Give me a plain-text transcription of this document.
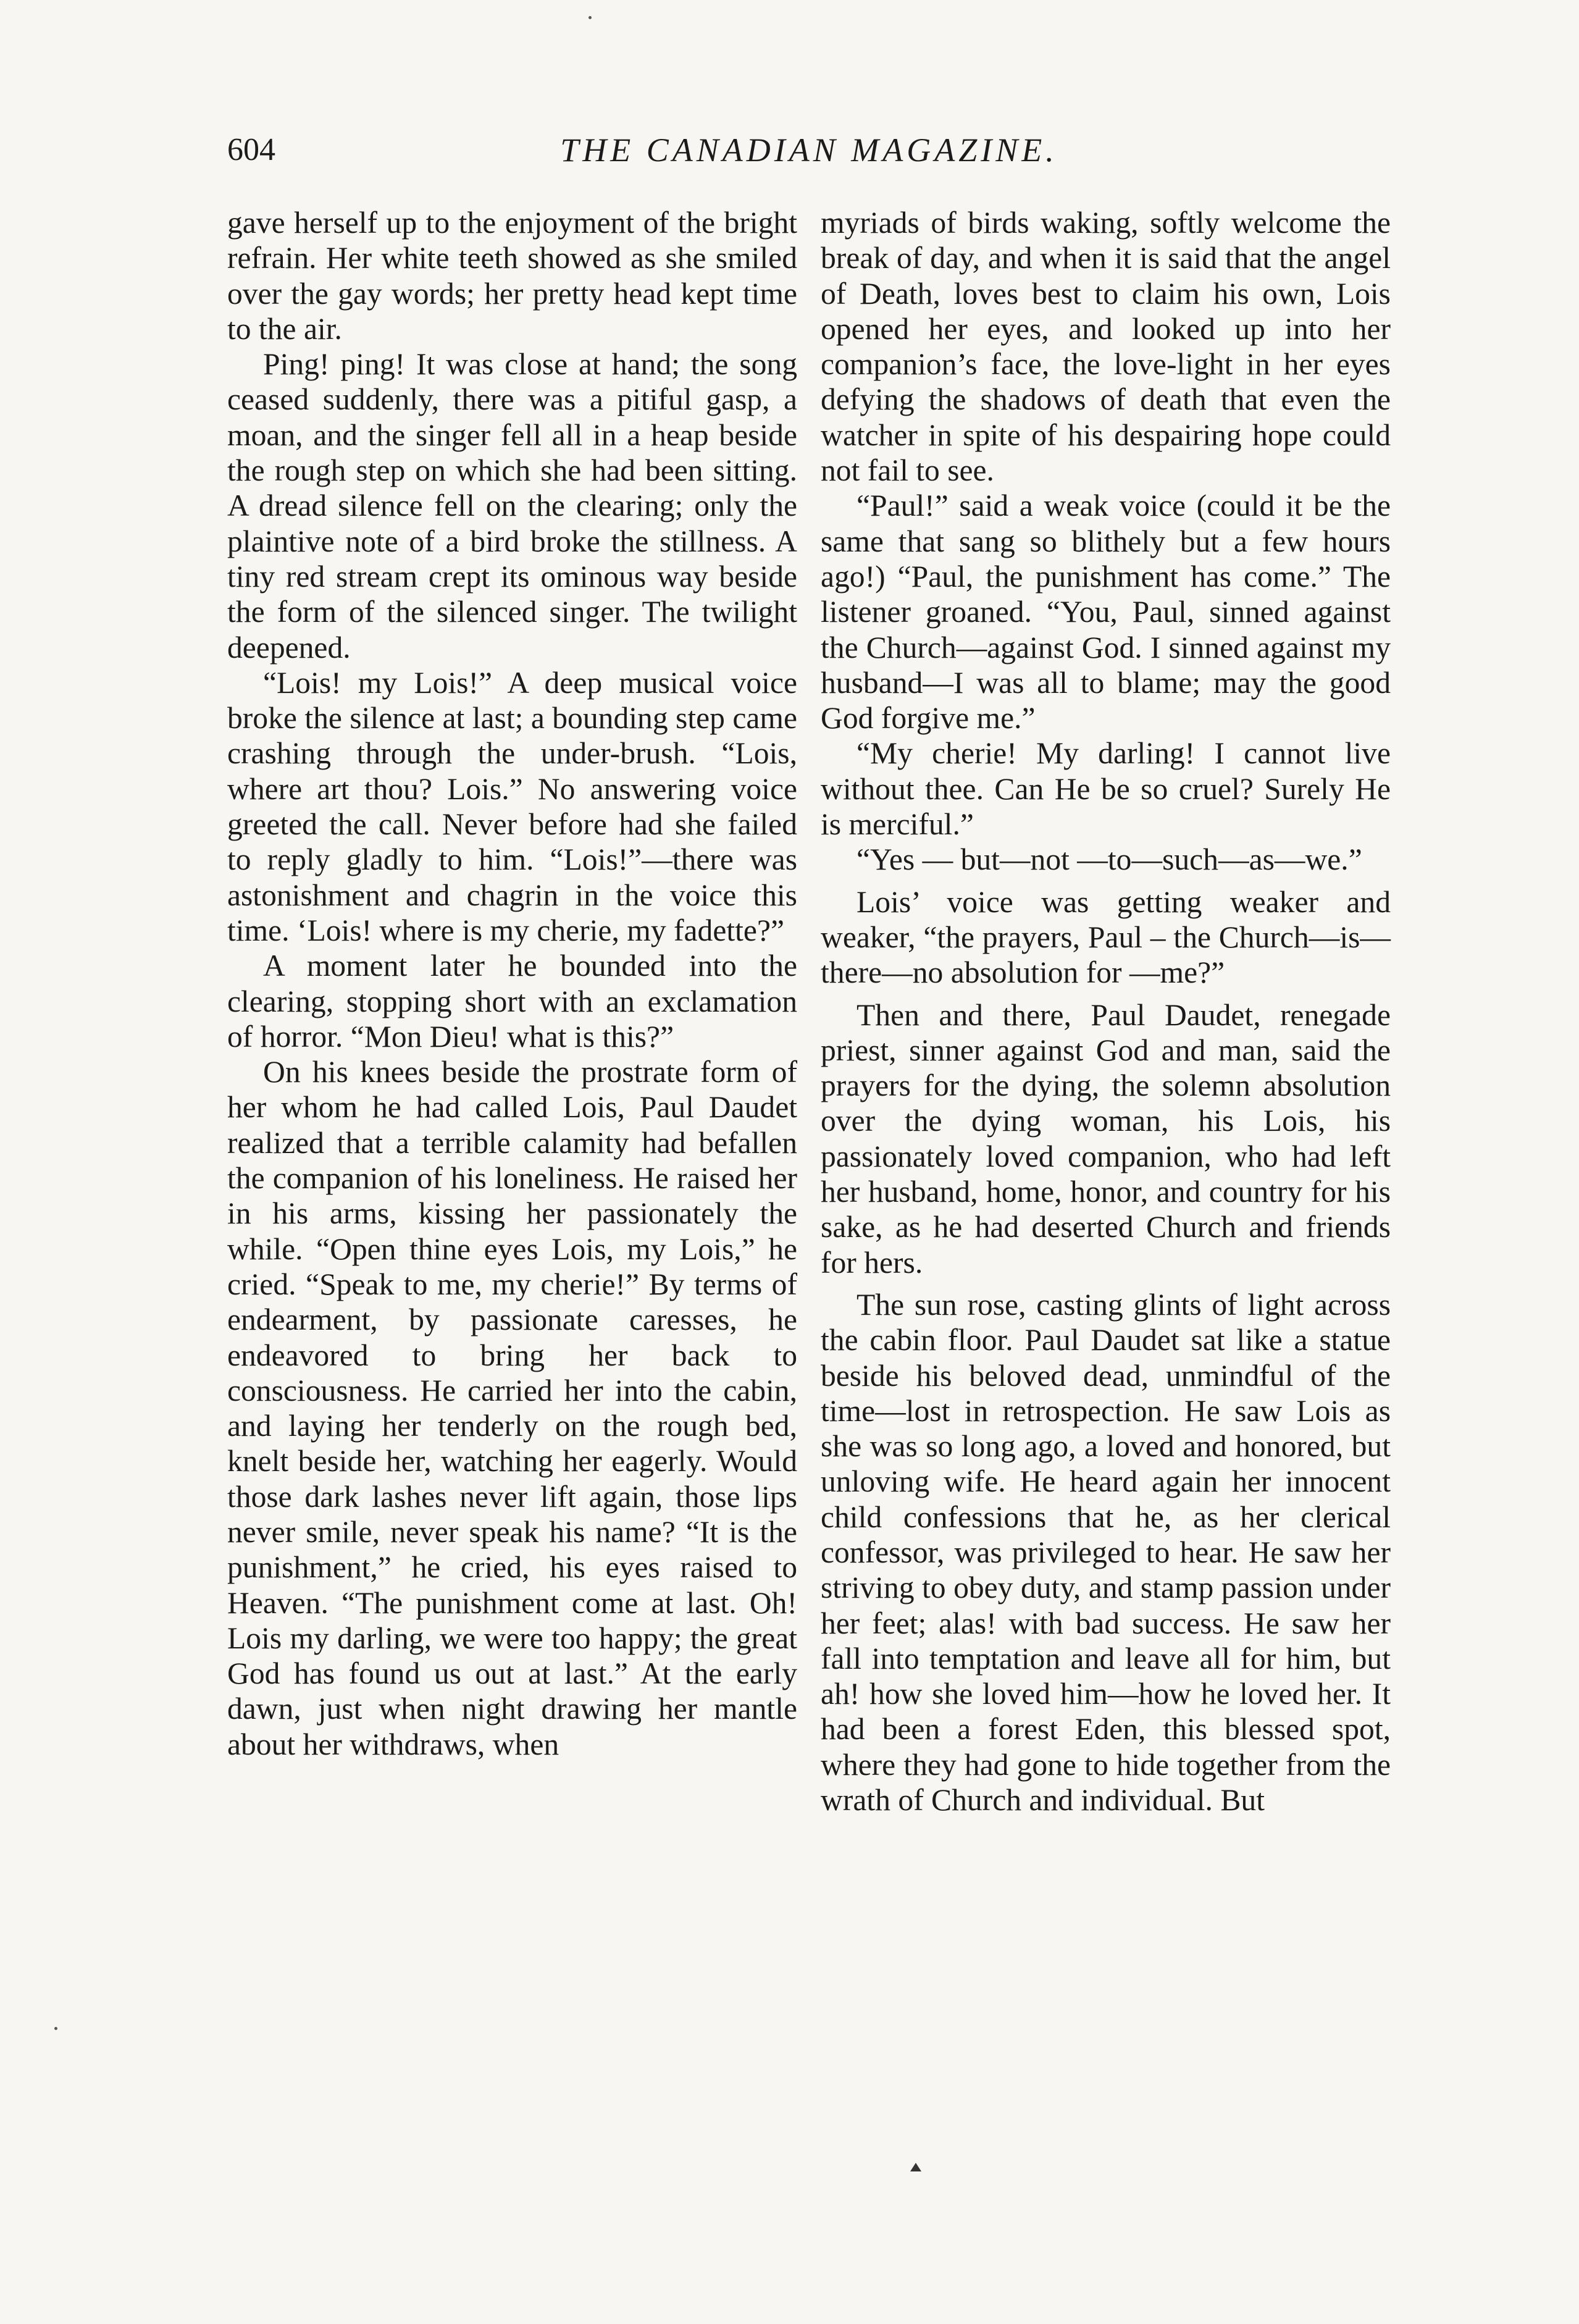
604	THE CANADIAN MAGAZINE.

gave herself up to the enjoyment of the bright refrain. Her white teeth showed as she smiled over the gay words; her pretty head kept time to the air.

Ping! ping! It was close at hand; the song ceased suddenly, there was a pitiful gasp, a moan, and the singer fell all in a heap beside the rough step on which she had been sitting. A dread silence fell on the clearing; only the plaintive note of a bird broke the stillness. A tiny red stream crept its ominous way beside the form of the silenced singer. The twilight deepened.

“Lois! my Lois!” A deep musical voice broke the silence at last; a bounding step came crashing through the under-brush. “Lois, where art thou? Lois.” No answering voice greeted the call. Never before had she failed to reply gladly to him. “Lois!”—there was astonishment and chagrin in the voice this time. ‘Lois! where is my cherie, my fadette?”

A moment later he bounded into the clearing, stopping short with an exclamation of horror. “Mon Dieu! what is this?”

On his knees beside the prostrate form of her whom he had called Lois, Paul Daudet realized that a terrible calamity had befallen the companion of his loneliness. He raised her in his arms, kissing her passionately the while. “Open thine eyes Lois, my Lois,” he cried. “Speak to me, my cherie!” By terms of endearment, by passionate caresses, he endeavored to bring her back to consciousness. He carried her into the cabin, and laying her tenderly on the rough bed, knelt beside her, watching her eagerly. Would those dark lashes never lift again, those lips never smile, never speak his name? “It is the punishment,” he cried, his eyes raised to Heaven. “The punishment come at last. Oh! Lois my darling, we were too happy; the great God has found us out at last.” At the early dawn, just when night drawing her mantle about her withdraws, when

myriads of birds waking, softly welcome the break of day, and when it is said that the angel of Death, loves best to claim his own, Lois opened her eyes, and looked up into her companion’s face, the love-light in her eyes defying the shadows of death that even the watcher in spite of his despairing hope could not fail to see.

“Paul!” said a weak voice (could it be the same that sang so blithely but a few hours ago!) “Paul, the punishment has come.” The listener groaned. “You, Paul, sinned against the Church—against God. I sinned against my husband—I was all to blame; may the good God forgive me.”

“My cherie! My darling! I cannot live without thee. Can He be so cruel? Surely He is merciful.”

“Yes — but—not —to—such—as—we.”

Lois’ voice was getting weaker and weaker, “the prayers, Paul – the Church—is—there—no absolution for —me?”

Then and there, Paul Daudet, renegade priest, sinner against God and man, said the prayers for the dying, the solemn absolution over the dying woman, his Lois, his passionately loved companion, who had left her husband, home, honor, and country for his sake, as he had deserted Church and friends for hers.

The sun rose, casting glints of light across the cabin floor. Paul Daudet sat like a statue beside his beloved dead, unmindful of the time—lost in retrospection. He saw Lois as she was so long ago, a loved and honored, but unloving wife. He heard again her innocent child confessions that he, as her clerical confessor, was privileged to hear. He saw her striving to obey duty, and stamp passion under her feet; alas! with bad success. He saw her fall into temptation and leave all for him, but ah! how she loved him—how he loved her. It had been a forest Eden, this blessed spot, where they had gone to hide together from the wrath of Church and individual. But
